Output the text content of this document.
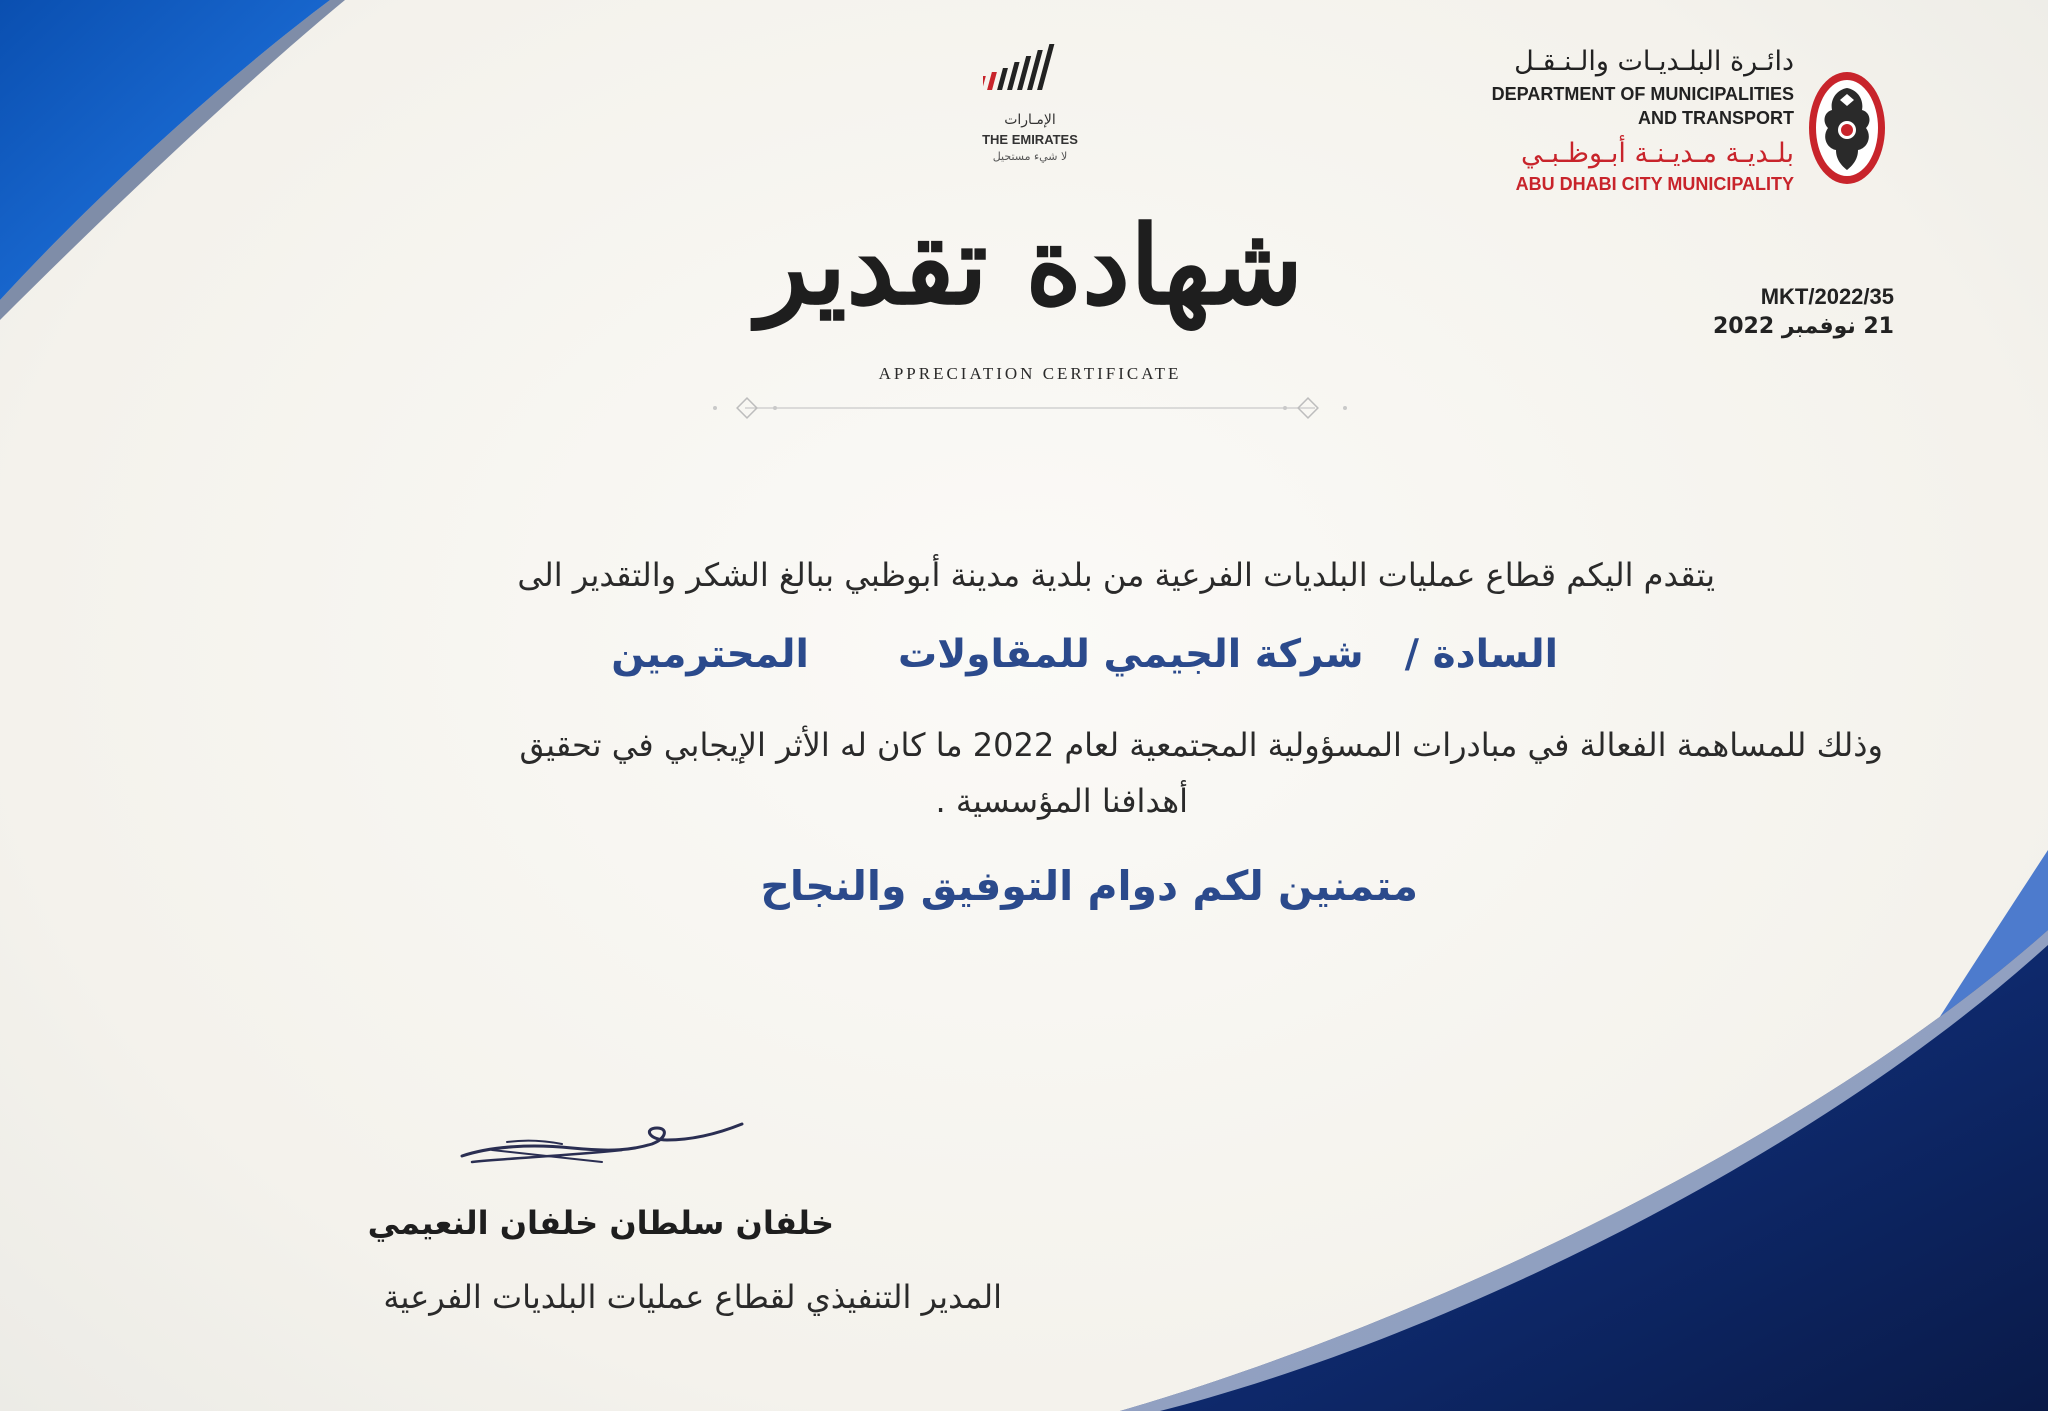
الإمـارات
THE EMIRATES
لا شيء مستحيل
دائـرة البلـديـات والـنـقـل
DEPARTMENT OF MUNICIPALITIES
AND TRANSPORT
بلـديـة مـديـنـة أبـوظـبـي
ABU DHABI CITY MUNICIPALITY
MKT/2022/35
21 نوفمبر 2022
شهادة تقدير
APPRECIATION CERTIFICATE
يتقدم اليكم قطاع عمليات البلديات الفرعية من بلدية مدينة أبوظبي ببالغ الشكر والتقدير الى
السادة /  شركة الجيمي للمقاولات  المحترمين
وذلك للمساهمة الفعالة في مبادرات المسؤولية المجتمعية لعام 2022 ما كان له الأثر الإيجابي في تحقيق
أهدافنا المؤسسية .
متمنين لكم دوام التوفيق والنجاح
خلفان سلطان خلفان النعيمي
المدير التنفيذي لقطاع عمليات البلديات الفرعية
